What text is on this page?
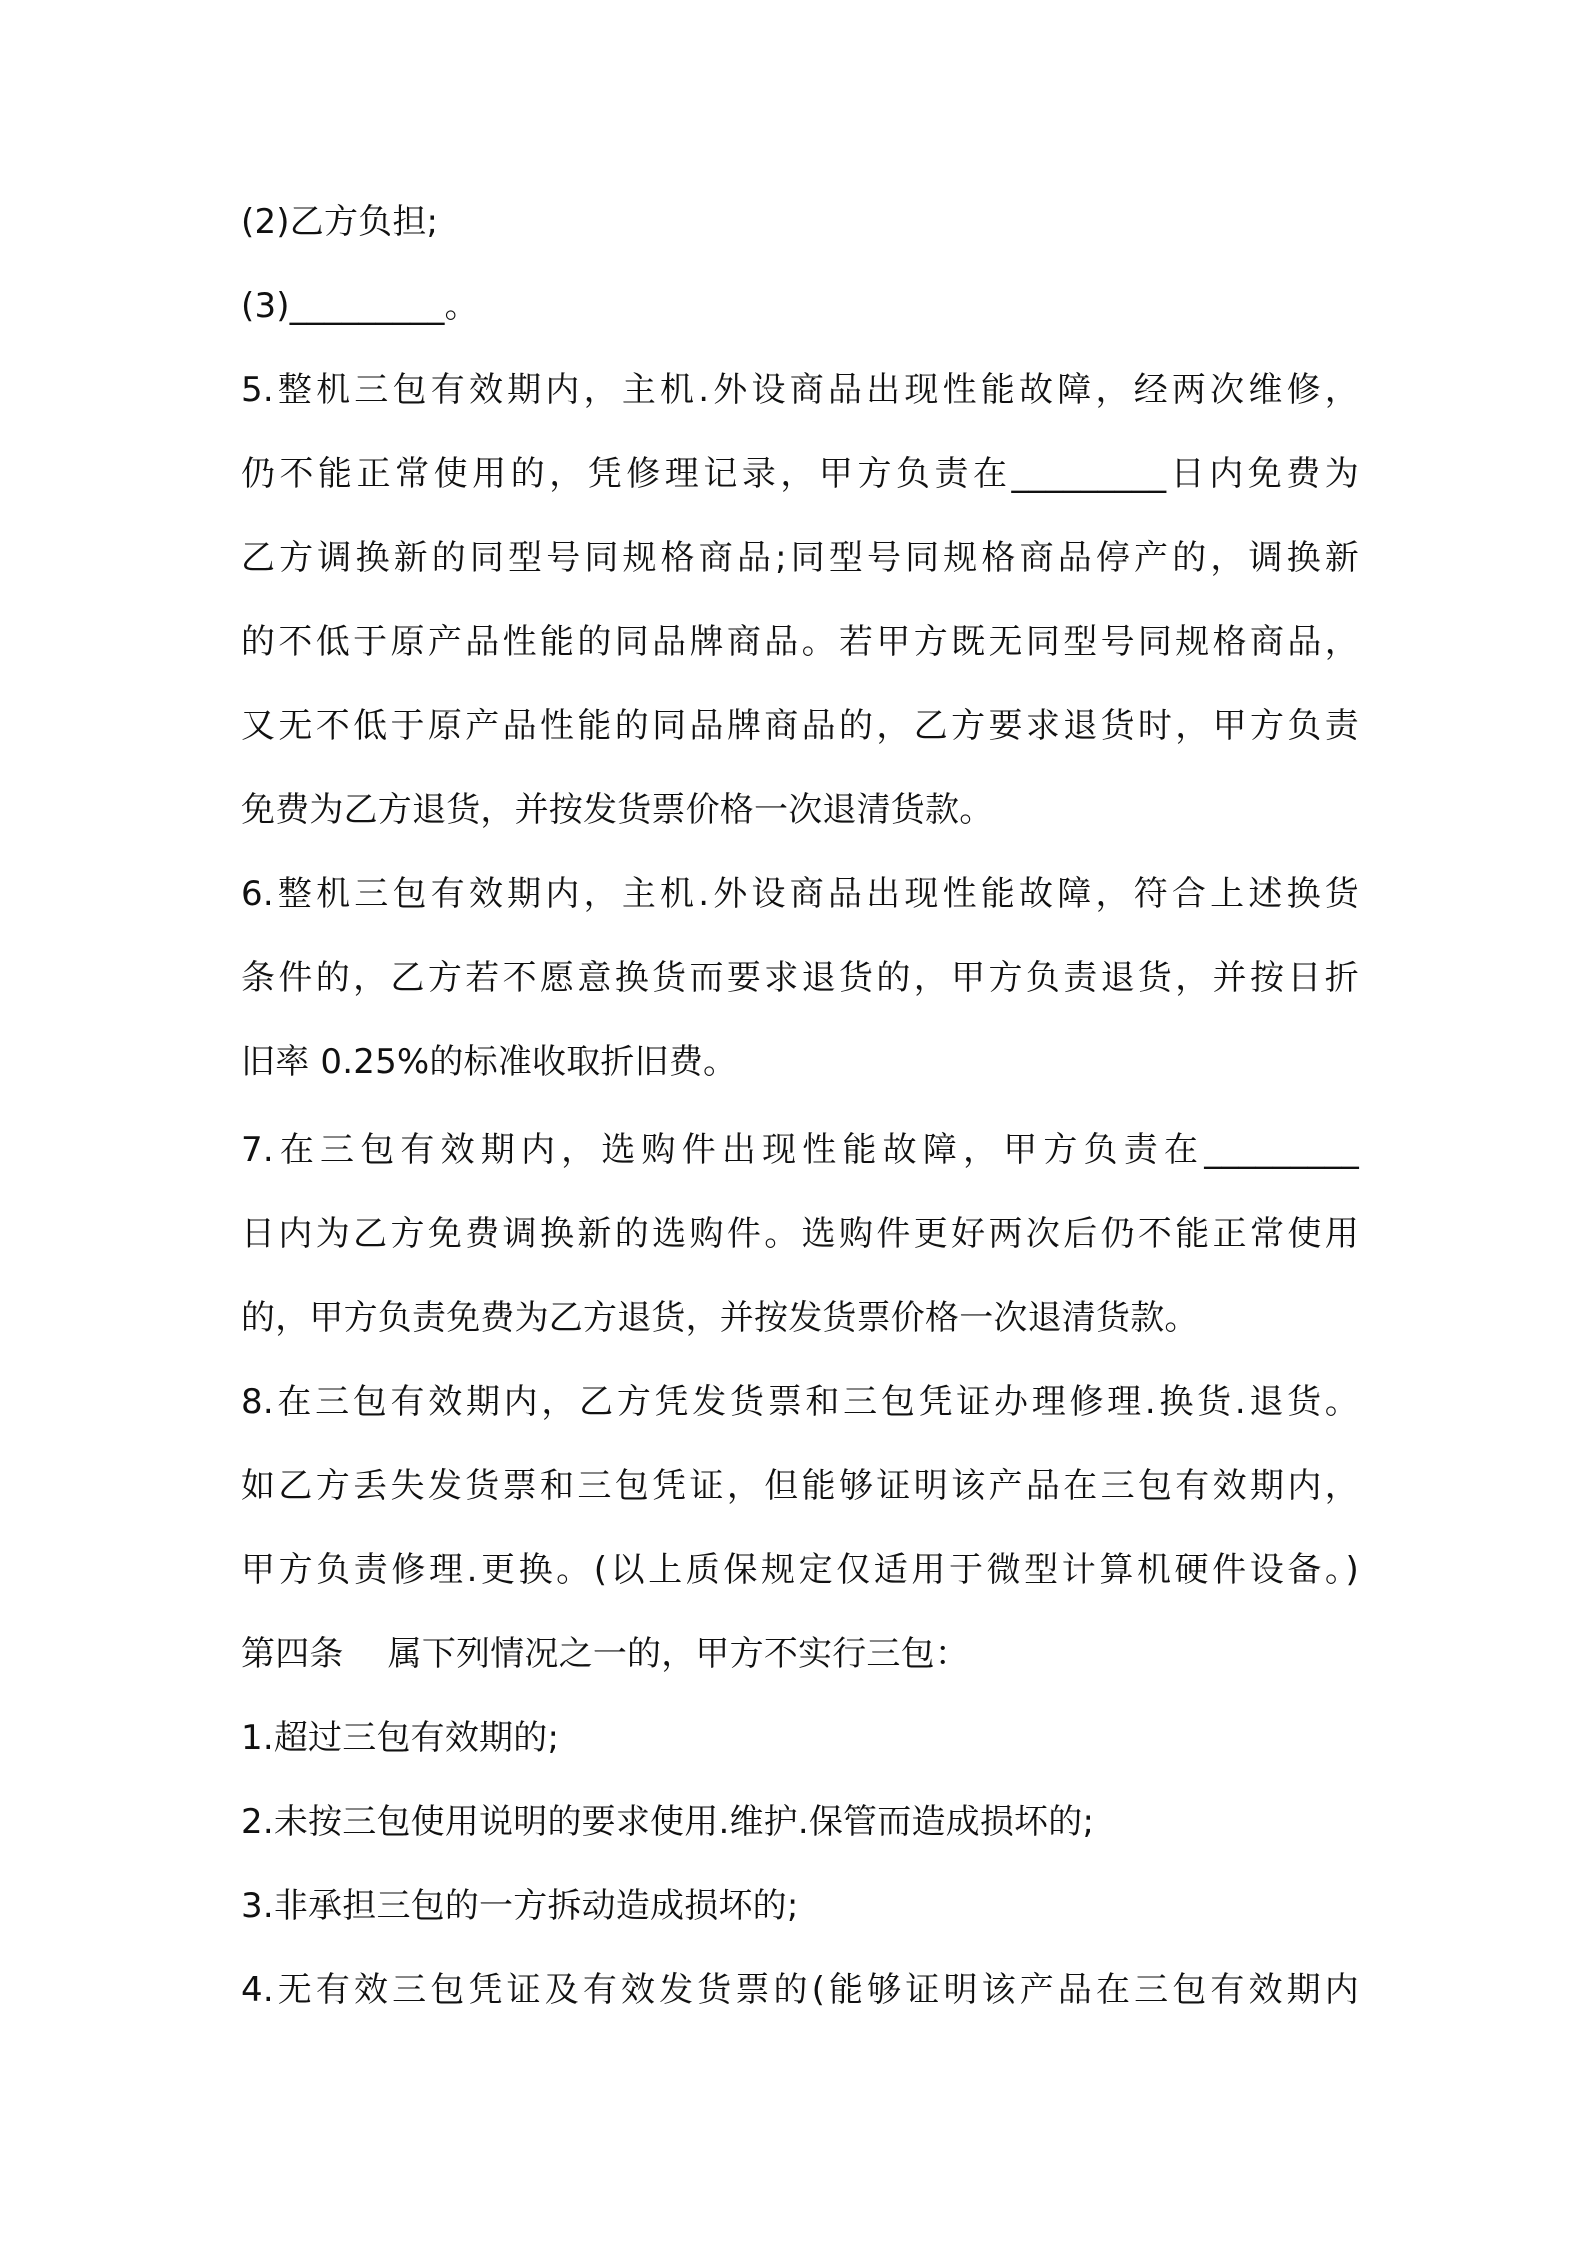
(2)乙方负担;
(3)_________。
5.整机三包有效期内，主机.外设商品出现性能故障，经两次维修，
仍不能正常使用的，凭修理记录，甲方负责在_________日内免费为
乙方调换新的同型号同规格商品;同型号同规格商品停产的，调换新
的不低于原产品性能的同品牌商品。若甲方既无同型号同规格商品，
又无不低于原产品性能的同品牌商品的，乙方要求退货时，甲方负责
免费为乙方退货，并按发货票价格一次退清货款。
6.整机三包有效期内，主机.外设商品出现性能故障，符合上述换货
条件的，乙方若不愿意换货而要求退货的，甲方负责退货，并按日折
旧率 0.25%的标准收取折旧费。
7.在三包有效期内，选购件出现性能故障，甲方负责在_________
日内为乙方免费调换新的选购件。选购件更好两次后仍不能正常使用
的，甲方负责免费为乙方退货，并按发货票价格一次退清货款。
8.在三包有效期内，乙方凭发货票和三包凭证办理修理.换货.退货。
如乙方丢失发货票和三包凭证，但能够证明该产品在三包有效期内，
甲方负责修理.更换。(以上质保规定仅适用于微型计算机硬件设备。)
第四条    属下列情况之一的，甲方不实行三包：
1.超过三包有效期的;
2.未按三包使用说明的要求使用.维护.保管而造成损坏的;
3.非承担三包的一方拆动造成损坏的;
4.无有效三包凭证及有效发货票的(能够证明该产品在三包有效期内
